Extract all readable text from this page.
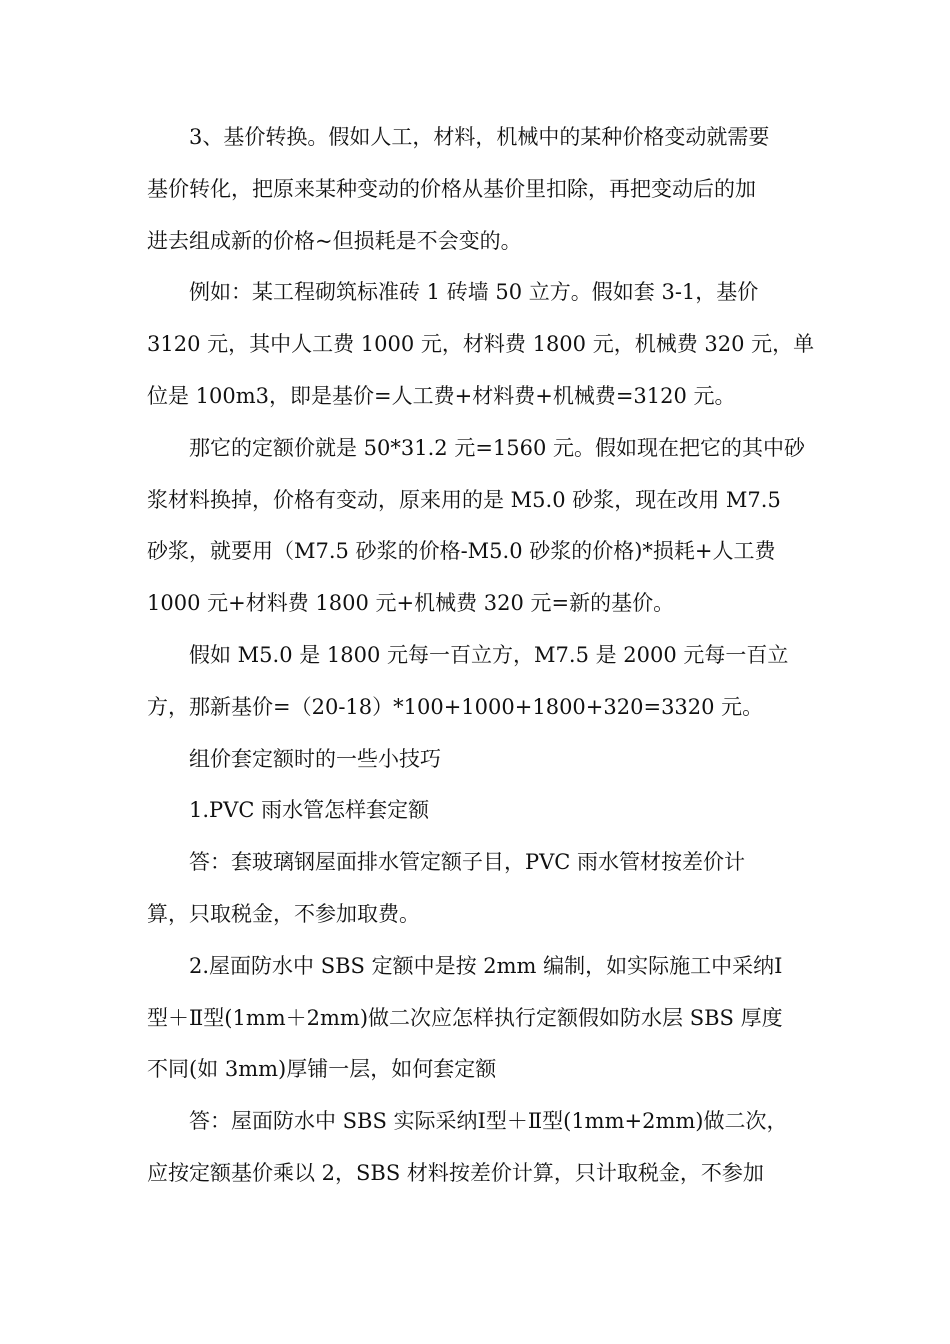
3、基价转换。假如人工，材料，机械中的某种价格变动就需要
基价转化，把原来某种变动的价格从基价里扣除，再把变动后的加
进去组成新的价格~但损耗是不会变的。
例如：某工程砌筑标准砖 1 砖墙 50 立方。假如套 3-1，基价
3120 元，其中人工费 1000 元，材料费 1800 元，机械费 320 元，单
位是 100m3，即是基价=人工费+材料费+机械费=3120 元。
那它的定额价就是 50*31.2 元=1560 元。假如现在把它的其中砂
浆材料换掉，价格有变动，原来用的是 M5.0 砂浆，现在改用 M7.5
砂浆，就要用（M7.5 砂浆的价格-M5.0 砂浆的价格)*损耗+人工费
1000 元+材料费 1800 元+机械费 320 元=新的基价。
假如 M5.0 是 1800 元每一百立方，M7.5 是 2000 元每一百立
方，那新基价=（20-18）*100+1000+1800+320=3320 元。
组价套定额时的一些小技巧
1.PVC 雨水管怎样套定额
答：套玻璃钢屋面排水管定额子目，PVC 雨水管材按差价计
算，只取税金，不参加取费。
2.屋面防水中 SBS 定额中是按 2mm 编制，如实际施工中采纳Ⅰ
型＋Ⅱ型(1mm＋2mm)做二次应怎样执行定额假如防水层 SBS 厚度
不同(如 3mm)厚铺一层，如何套定额
答：屋面防水中 SBS 实际采纳Ⅰ型＋Ⅱ型(1mm+2mm)做二次，
应按定额基价乘以 2，SBS 材料按差价计算，只计取税金，不参加
